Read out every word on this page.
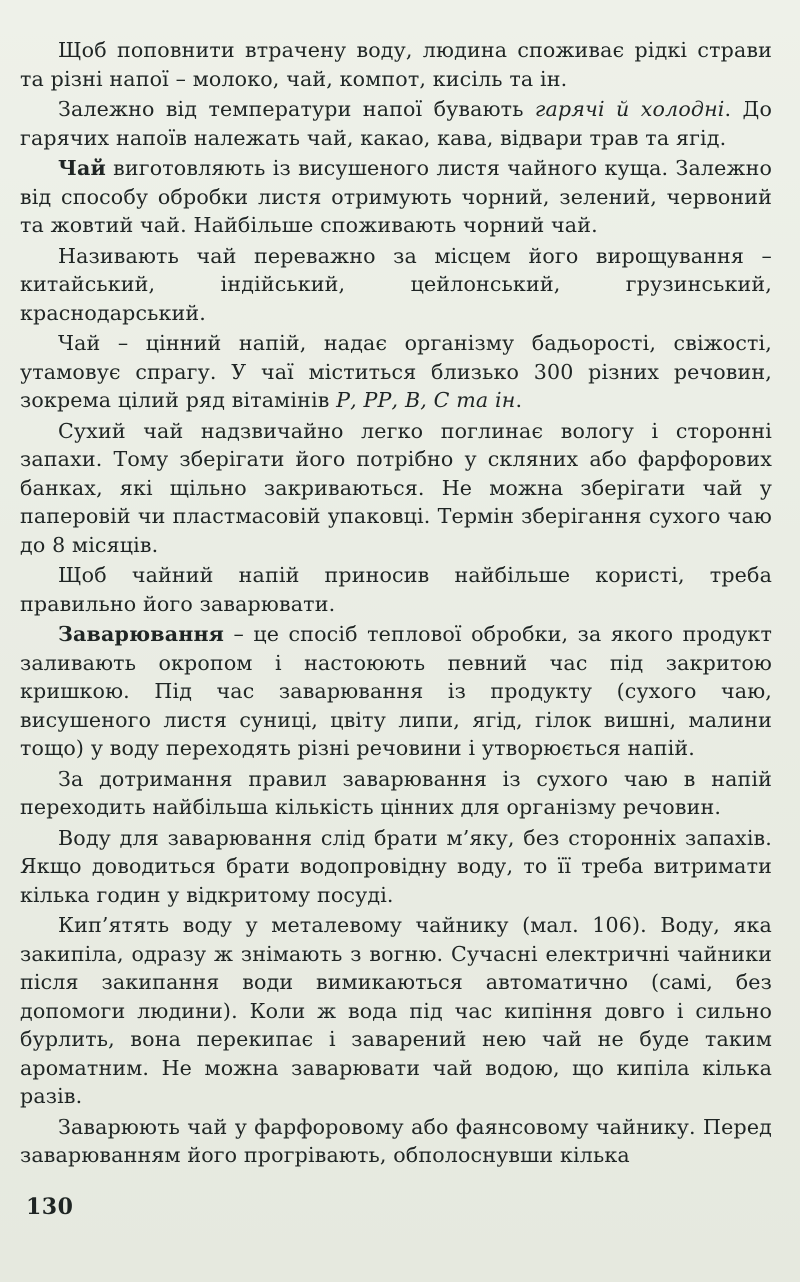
Щоб поповнити втрачену воду, людина споживає рідкі страви та різні напої – молоко, чай, компот, кисіль та ін.

Залежно від температури напої бувають гарячі й холодні. До гарячих напоїв належать чай, какао, кава, відвари трав та ягід.

Чай виготовляють із висушеного листя чайного куща. Залежно від способу обробки листя отримують чорний, зелений, червоний та жовтий чай. Найбільше споживають чорний чай.

Називають чай переважно за місцем його вирощування – китайський, індійський, цейлонський, грузинський, краснодарський.

Чай – цінний напій, надає організму бадьорості, свіжості, утамовує спрагу. У чаї міститься близько 300 різних речовин, зокрема цілий ряд вітамінів Р, РР, В, С та ін.

Сухий чай надзвичайно легко поглинає вологу і сторонні запахи. Тому зберігати його потрібно у скляних або фарфорових банках, які щільно закриваються. Не можна зберігати чай у паперовій чи пластмасовій упаковці. Термін зберігання сухого чаю до 8 місяців.

Щоб чайний напій приносив найбільше користі, треба правильно його заварювати.

Заварювання – це спосіб теплової обробки, за якого продукт заливають окропом і настоюють певний час під закритою кришкою. Під час заварювання із продукту (сухого чаю, висушеного листя суниці, цвіту липи, ягід, гілок вишні, малини тощо) у воду переходять різні речовини і утворюється напій.

За дотримання правил заварювання із сухого чаю в напій переходить найбільша кількість цінних для організму речовин.

Воду для заварювання слід брати м’яку, без сторонніх запахів. Якщо доводиться брати водопровідну воду, то її треба витримати кілька годин у відкритому посуді.

Кип’ятять воду у металевому чайнику (мал. 106). Воду, яка закипіла, одразу ж знімають з вогню. Сучасні електричні чайники після закипання води вимикаються автоматично (самі, без допомоги людини). Коли ж вода під час кипіння довго і сильно бурлить, вона перекипає і заварений нею чай не буде таким ароматним. Не можна заварювати чай водою, що кипіла кілька разів.

Заварюють чай у фарфоровому або фаянсовому чайнику. Перед заварюванням його прогрівають, обполоснувши кілька

130
